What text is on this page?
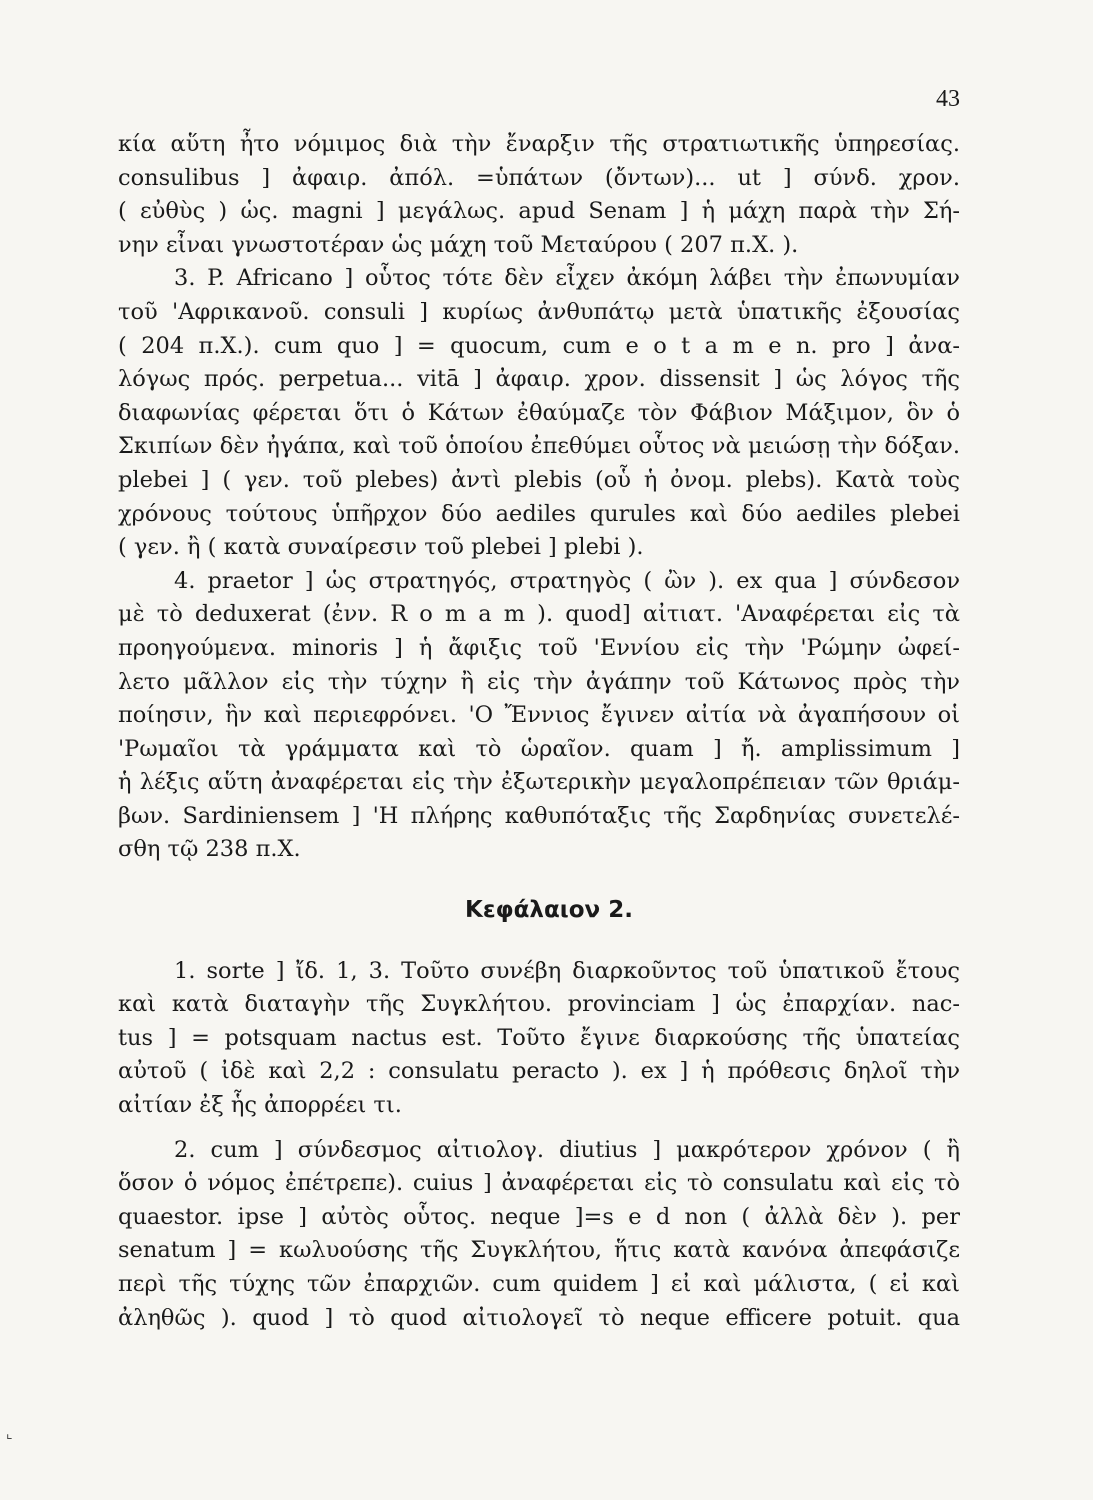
43
κία αὕτη ἦτο νόμιμος διὰ τὴν ἔναρξιν τῆς στρατιωτικῆς ὑπηρεσίας.
consulibus ] ἀφαιρ. ἀπόλ. =ὑπάτων (ὄντων)... ut ] σύνδ. χρον.
( εὐθὺς ) ὡς. magni ] μεγάλως. apud Senam ] ἡ μάχη παρὰ τὴν Σή-
νην εἶναι γνωστοτέραν ὡς μάχη τοῦ Μεταύρου ( 207 π.Χ. ).
3. P. Africano ] οὗτος τότε δὲν εἶχεν ἀκόμη λάβει τὴν ἐπωνυμίαν
τοῦ 'Αφρικανοῦ. consuli ] κυρίως ἀνθυπάτῳ μετὰ ὑπατικῆς ἐξουσίας
( 204 π.Χ.). cum quo ] = quocum, cum e o t a m e n. pro ] ἀνα-
λόγως πρός. perpetua... vitā ] ἀφαιρ. χρον. dissensit ] ὡς λόγος τῆς
διαφωνίας φέρεται ὅτι ὁ Κάτων ἐθαύμαζε τὸν Φάβιον Μάξιμον, ὃν ὁ
Σκιπίων δὲν ἠγάπα, καὶ τοῦ ὁποίου ἐπεθύμει οὗτος νὰ μειώσῃ τὴν δόξαν.
plebei ] ( γεν. τοῦ plebes) ἀντὶ plebis (οὗ ἡ ὀνομ. plebs). Κατὰ τοὺς
χρόνους τούτους ὑπῆρχον δύο aediles qurules καὶ δύο aediles plebei
( γεν. ἢ ( κατὰ συναίρεσιν τοῦ plebei ] plebi ).
4. praetor ] ὡς στρατηγός, στρατηγὸς ( ὢν ). ex qua ] σύνδεσον
μὲ τὸ deduxerat (ἐνν. R o m a m ). quod] αἰτιατ. 'Αναφέρεται εἰς τὰ
προηγούμενα. minoris ] ἡ ἄφιξις τοῦ 'Εννίου εἰς τὴν 'Ρώμην ὠφεί-
λετο μᾶλλον εἰς τὴν τύχην ἢ εἰς τὴν ἀγάπην τοῦ Κάτωνος πρὸς τὴν
ποίησιν, ἣν καὶ περιεφρόνει. 'Ο Ἔννιος ἔγινεν αἰτία νὰ ἀγαπήσουν οἱ
'Ρωμαῖοι τὰ γράμματα καὶ τὸ ὡραῖον. quam ] ἤ. amplissimum ]
ἡ λέξις αὕτη ἀναφέρεται εἰς τὴν ἐξωτερικὴν μεγαλοπρέπειαν τῶν θριάμ-
βων. Sardiniensem ] 'Η πλήρης καθυπόταξις τῆς Σαρδηνίας συνετελέ-
σθη τῷ 238 π.Χ.
Κεφάλαιον 2.
1. sorte ] ἴδ. 1, 3. Τοῦτο συνέβη διαρκοῦντος τοῦ ὑπατικοῦ ἔτους
καὶ κατὰ διαταγὴν τῆς Συγκλήτου. provinciam ] ὡς ἐπαρχίαν. nac-
tus ] = potsquam nactus est. Τοῦτο ἔγινε διαρκούσης τῆς ὑπατείας
αὐτοῦ ( ἰδὲ καὶ 2,2 : consulatu peracto ). ex ] ἡ πρόθεσις δηλοῖ τὴν
αἰτίαν ἐξ ἧς ἀπορρέει τι.
2. cum ] σύνδεσμος αἰτιολογ. diutius ] μακρότερον χρόνον ( ἢ
ὅσον ὁ νόμος ἐπέτρεπε). cuius ] ἀναφέρεται εἰς τὸ consulatu καὶ εἰς τὸ
quaestor. ipse ] αὐτὸς οὗτος. neque ]=s e d non ( ἀλλὰ δὲν ). per
senatum ] = κωλυούσης τῆς Συγκλήτου, ἥτις κατὰ κανόνα ἀπεφάσιζε
περὶ τῆς τύχης τῶν ἐπαρχιῶν. cum quidem ] εἰ καὶ μάλιστα, ( εἰ καὶ
ἀληθῶς ). quod ] τὸ quod αἰτιολογεῖ τὸ neque efficere potuit. qua
⌞
